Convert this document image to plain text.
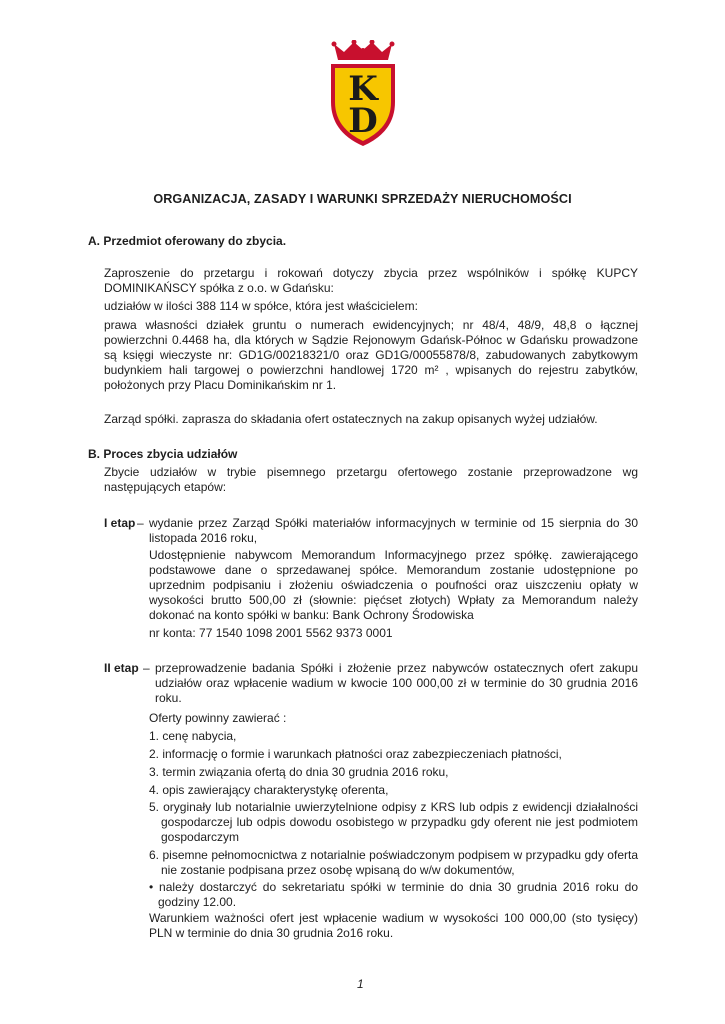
K
D
ORGANIZACJA, ZASADY I WARUNKI SPRZEDAŻY NIERUCHOMOŚCI

A. Przedmiot oferowany do zbycia.

Zaproszenie do przetargu i rokowań dotyczy zbycia przez wspólników i spółkę KUPCY DOMINIKAŃSCY spółka z o.o. w Gdańsku:

udziałów w ilości 388 114 w spółce, która jest właścicielem:

prawa własności działek gruntu o numerach ewidencyjnych; nr 48/4, 48/9, 48,8 o łącznej powierzchni 0.4468 ha, dla których w Sądzie Rejonowym Gdańsk-Północ w Gdańsku prowadzone są księgi wieczyste nr: GD1G/00218321/0 oraz GD1G/00055878/8, zabudowanych zabytkowym budynkiem hali targowej o powierzchni handlowej 1720 m² , wpisanych do rejestru zabytków, położonych przy Placu Dominikańskim nr 1.

Zarząd spółki. zaprasza do składania ofert ostatecznych na zakup opisanych wyżej udziałów.

B. Proces zbycia udziałów

Zbycie udziałów w trybie pisemnego przetargu ofertowego zostanie przeprowadzone wg następujących etapów:

I etap – wydanie przez Zarząd Spółki materiałów informacyjnych w terminie od 15 sierpnia do 30 listopada 2016 roku,

Udostępnienie nabywcom Memorandum Informacyjnego przez spółkę. zawierającego podstawowe dane o sprzedawanej spółce. Memorandum zostanie udostępnione po uprzednim podpisaniu i złożeniu oświadczenia o poufności oraz uiszczeniu opłaty w wysokości brutto 500,00 zł (słownie: pięćset złotych) Wpłaty za Memorandum należy dokonać na konto spółki w banku: Bank Ochrony Środowiska

nr konta: 77 1540 1098 2001 5562 9373 0001

II etap – przeprowadzenie badania Spółki i złożenie przez nabywców ostatecznych ofert zakupu udziałów oraz wpłacenie wadium w kwocie 100 000,00 zł w terminie do 30 grudnia 2016 roku.

Oferty powinny zawierać :

1. cenę nabycia,

2. informację o formie i warunkach płatności oraz zabezpieczeniach płatności,

3. termin związania ofertą do dnia 30 grudnia 2016 roku,

4. opis zawierający charakterystykę oferenta,

5. oryginały lub notarialnie uwierzytelnione odpisy z KRS lub odpis z ewidencji działalności gospodarczej lub odpis dowodu osobistego w przypadku gdy oferent nie jest podmiotem gospodarczym

6. pisemne pełnomocnictwa z notarialnie poświadczonym podpisem w przypadku gdy oferta nie zostanie podpisana przez osobę wpisaną do w/w dokumentów,

• należy dostarczyć do sekretariatu spółki w terminie do dnia 30 grudnia 2016 roku do godziny 12.00.

Warunkiem ważności ofert jest wpłacenie wadium w wysokości 100 000,00 (sto tysięcy) PLN w terminie do dnia 30 grudnia 2o16 roku.

1
